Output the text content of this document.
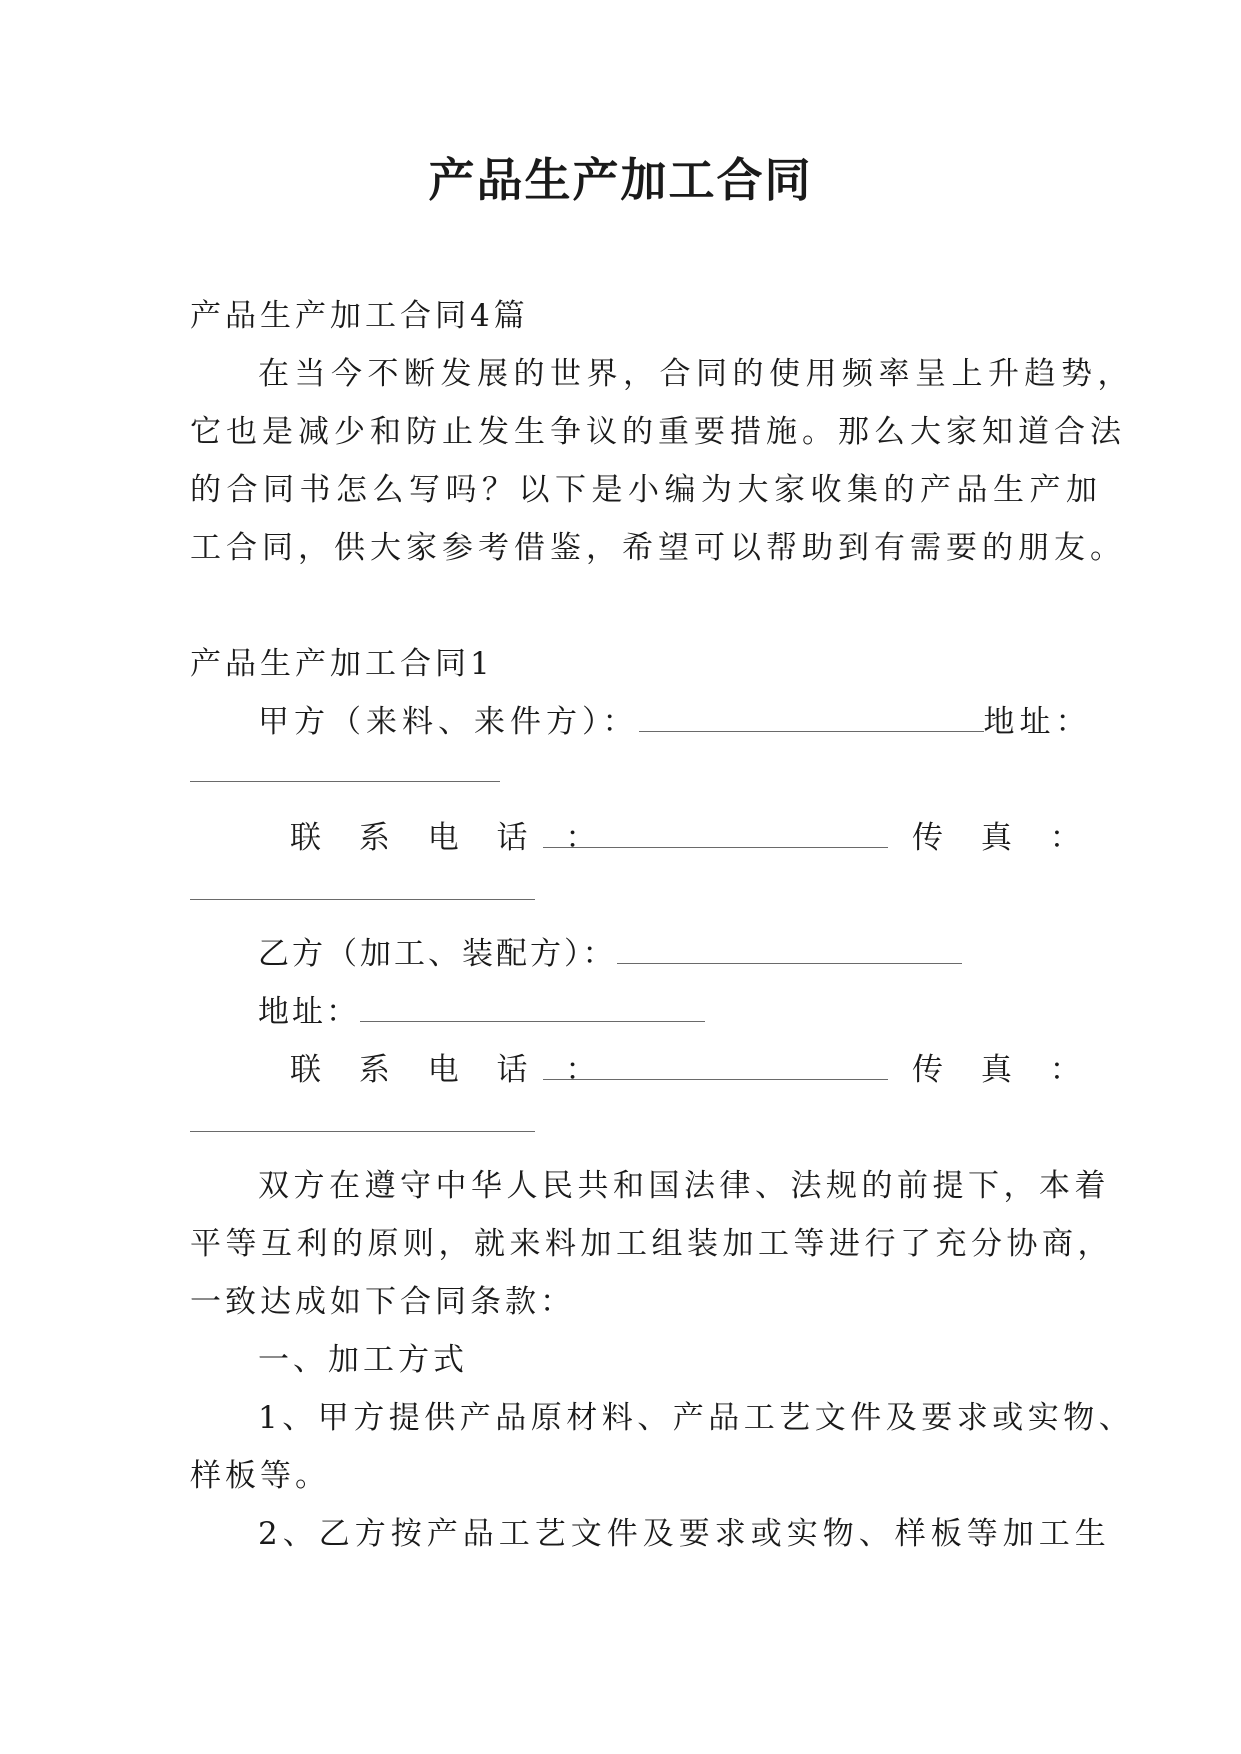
产品生产加工合同
产品生产加工合同4篇
在当今不断发展的世界，合同的使用频率呈上升趋势，
它也是减少和防止发生争议的重要措施。那么大家知道合法
的合同书怎么写吗？以下是小编为大家收集的产品生产加
工合同，供大家参考借鉴，希望可以帮助到有需要的朋友。
产品生产加工合同1
甲方（来料、来件方）：	地址：
联 系 电 话 ：	传 真 ：
乙方（加工、装配方）：
地址：
联 系 电 话 ：	传 真 ：
双方在遵守中华人民共和国法律、法规的前提下，本着
平等互利的原则，就来料加工组装加工等进行了充分协商，
一致达成如下合同条款：
一、加工方式
1、甲方提供产品原材料、产品工艺文件及要求或实物、
样板等。
2、乙方按产品工艺文件及要求或实物、样板等加工生
